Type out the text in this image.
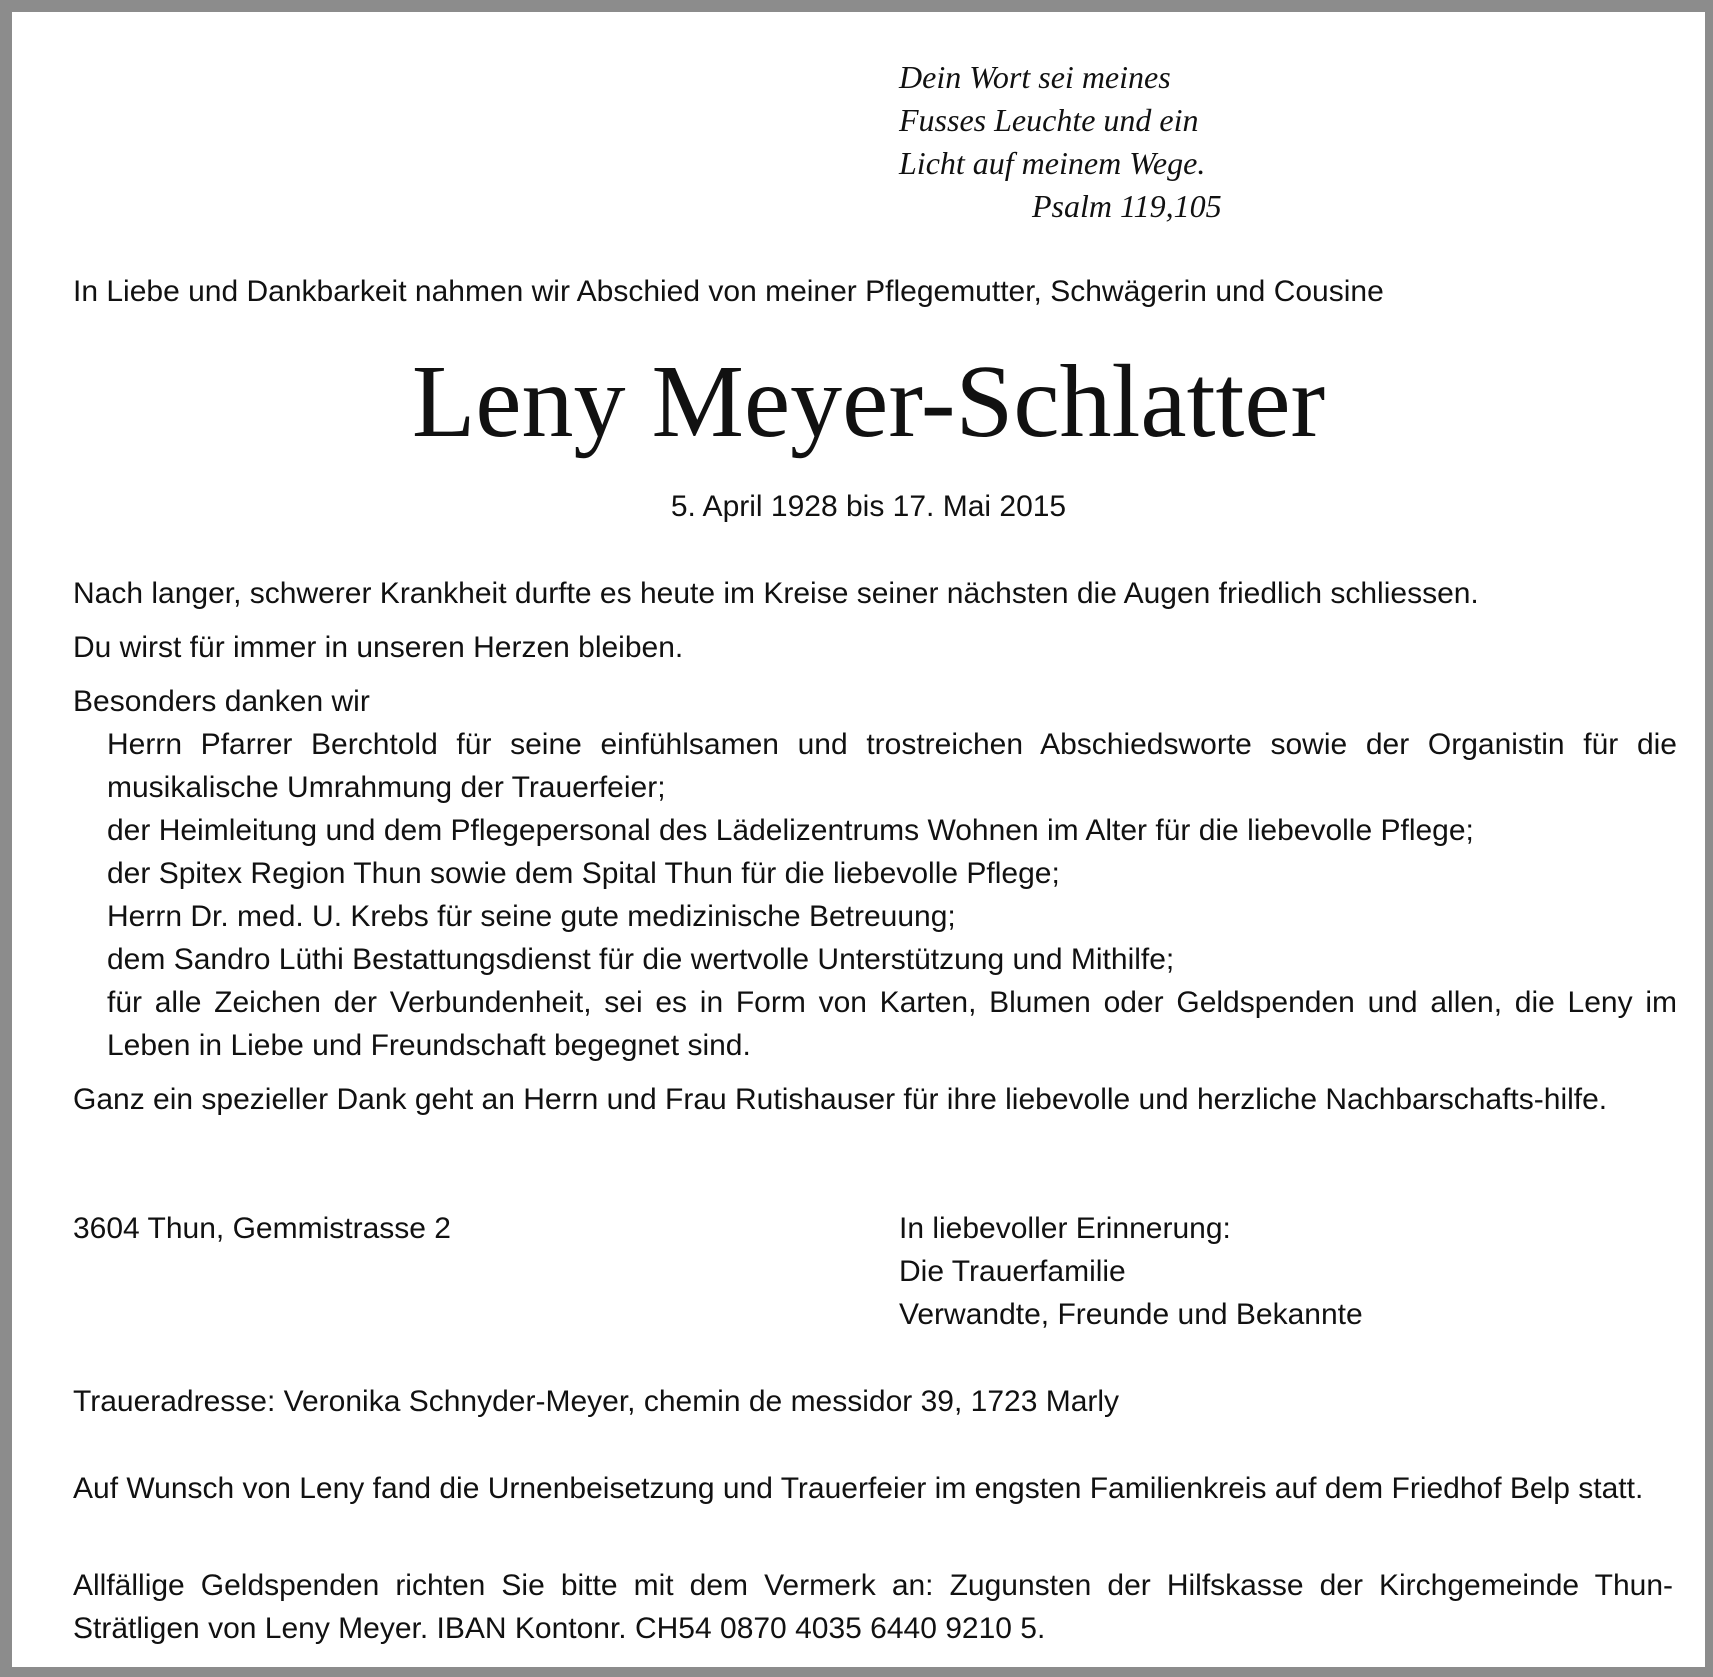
Dein Wort sei meines
Fusses Leuchte und ein
Licht auf meinem Wege.
Psalm 119,105
In Liebe und Dankbarkeit nahmen wir Abschied von meiner Pflegemutter, Schwägerin und Cousine
Leny Meyer-Schlatter
5. April 1928 bis 17. Mai 2015
Nach langer, schwerer Krankheit durfte es heute im Kreise seiner nächsten die Augen friedlich schliessen.
Du wirst für immer in unseren Herzen bleiben.
Besonders danken wir
Herrn Pfarrer Berchtold für seine einfühlsamen und trostreichen Abschiedsworte sowie der Organistin für die musikalische Umrahmung der Trauerfeier;
der Heimleitung und dem Pflegepersonal des Lädelizentrums Wohnen im Alter für die liebevolle Pflege;
der Spitex Region Thun sowie dem Spital Thun für die liebevolle Pflege;
Herrn Dr. med. U. Krebs für seine gute medizinische Betreuung;
dem Sandro Lüthi Bestattungsdienst für die wertvolle Unterstützung und Mithilfe;
für alle Zeichen der Verbundenheit, sei es in Form von Karten, Blumen oder Geldspenden und allen, die Leny im Leben in Liebe und Freundschaft begegnet sind.
Ganz ein spezieller Dank geht an Herrn und Frau Rutishauser für ihre liebevolle und herzliche Nachbarschafts-hilfe.
3604 Thun, Gemmistrasse 2	In liebevoller Erinnerung:
Die Trauerfamilie
Verwandte, Freunde und Bekannte
Traueradresse: Veronika Schnyder-Meyer, chemin de messidor 39, 1723 Marly
Auf Wunsch von Leny fand die Urnenbeisetzung und Trauerfeier im engsten Familienkreis auf dem Friedhof Belp statt.
Allfällige Geldspenden richten Sie bitte mit dem Vermerk an: Zugunsten der Hilfskasse der Kirchgemeinde Thun-Strätligen von Leny Meyer. IBAN Kontonr. CH54 0870 4035 6440 9210 5.
